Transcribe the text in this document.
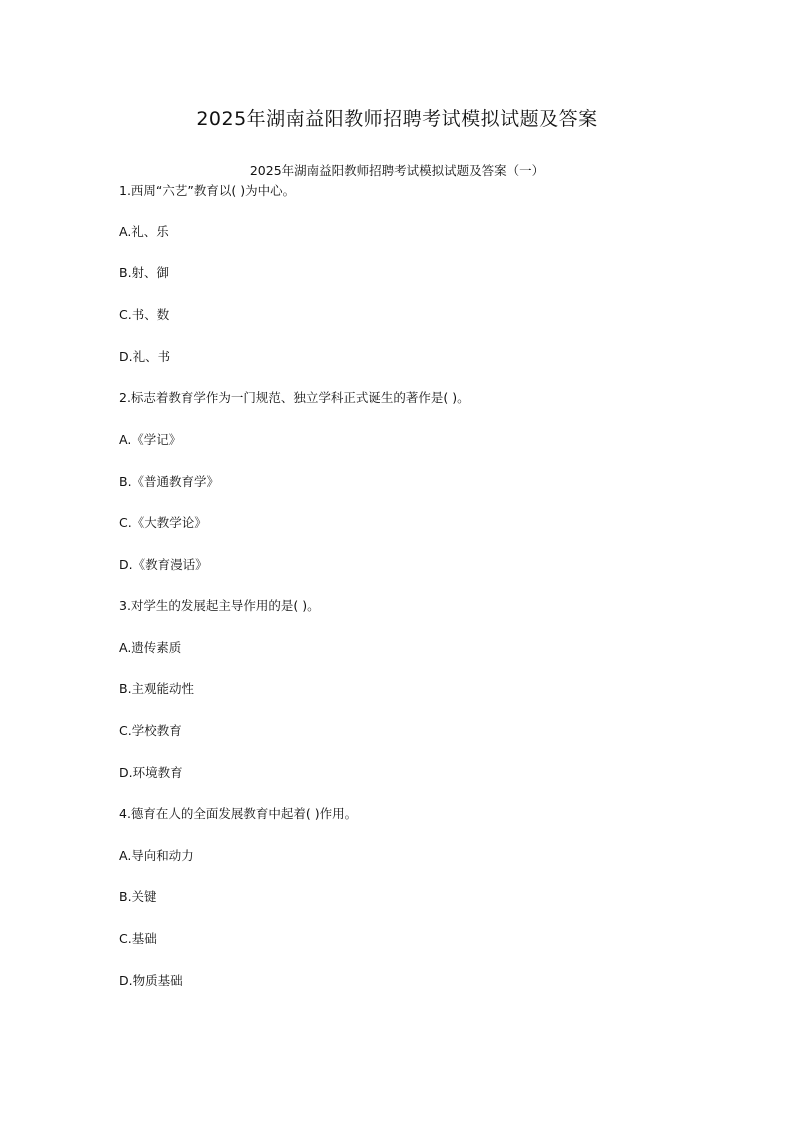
2025年湖南益阳教师招聘考试模拟试题及答案

2025年湖南益阳教师招聘考试模拟试题及答案（一）

1.西周“六艺”教育以( )为中心。
A.礼、乐
B.射、御
C.书、数
D.礼、书
2.标志着教育学作为一门规范、独立学科正式诞生的著作是( )。
A.《学记》
B.《普通教育学》
C.《大教学论》
D.《教育漫话》
3.对学生的发展起主导作用的是( )。
A.遗传素质
B.主观能动性
C.学校教育
D.环境教育
4.德育在人的全面发展教育中起着( )作用。
A.导向和动力
B.关键
C.基础
D.物质基础
